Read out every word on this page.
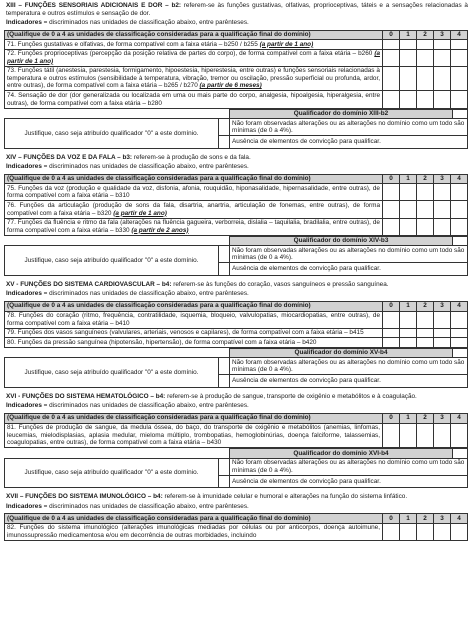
XIII – FUNÇÕES SENSORIAIS ADICIONAIS E DOR – b2: referem-se às funções gustativas, olfativas, proprioceptivas, táteis e a sensações relacionadas à temperatura e outros estímulos e sensação de dor.
Indicadores = discriminados nas unidades de classificação abaixo, entre parênteses.
(Qualifique de 0 a 4 as unidades de classificação consideradas para a qualificação final do domínio)	0	1	2	3	4
71. Funções gustativas e olfativas, de forma compatível com a faixa etária – b250 / b255 (a partir de 1 ano)					
72. Funções proprioceptivas (percepção da posição relativa de partes do corpo), de forma compatível com a faixa etária – b260 (a partir de 1 ano)					
73. Funções tátil (anestesia, parestesia, formigamento, hipoestesia, hiperestesia, entre outras) e funções sensoriais relacionadas à temperatura e outros estímulos (sensibilidade à temperatura, vibração, tremor ou oscilação, pressão superficial ou profunda, ardor, entre outras), de forma compatível com a faixa etária – b265 / b270 (a partir de 6 meses)					
74. Sensação de dor (dor generalizada ou localizada em uma ou mais parte do corpo, analgesia, hipoalgesia, hiperalgesia, entre outras), de forma compatível com a faixa etária – b280					
		Qualificador do domínio XIII-b2	
Justifique, caso seja atribuído qualificador "0" a este domínio.		Não foram observadas alterações ou as alterações no domínio como um todo são mínimas (de 0 a 4%).	
		Ausência de elementos de convicção para qualificar.	
XIV – FUNÇÕES DA VOZ E DA FALA – b3: referem-se à produção de sons e da fala.
Indicadores = discriminados nas unidades de classificação abaixo, entre parênteses.
(Qualifique de 0 a 4 as unidades de classificação consideradas para a qualificação final do domínio)	0	1	2	3	4
75. Funções da voz (produção e qualidade da voz, disfonia, afonia, rouquidão, hiponasalidade, hipernasalidade, entre outras), de forma compatível com a faixa etária – b310					
76. Funções da articulação (produção de sons da fala, disartria, anartria, articulação de fonemas, entre outras), de forma compatível com a faixa etária – b320 (a partir de 1 ano)					
77. Funções da fluência e ritmo da fala (alterações na fluência gagueira, verborreia, dislalia – taquilalia, bradilalia, entre outras), de forma compatível com a faixa etária – b330 (a partir de 2 anos)					
		Qualificador do domínio XIV-b3	
Justifique, caso seja atribuído qualificador "0" a este domínio.		Não foram observadas alterações ou as alterações no domínio como um todo são mínimas (de 0 a 4%).	
		Ausência de elementos de convicção para qualificar.	
XV - FUNÇÕES DO SISTEMA CARDIOVASCULAR – b4: referem-se às funções do coração, vasos sanguíneos e pressão sanguínea.
Indicadores = discriminados nas unidades de classificação abaixo, entre parênteses.
(Qualifique de 0 a 4 as unidades de classificação consideradas para a qualificação final do domínio)	0	1	2	3	4
78. Funções do coração (ritmo, frequência, contratilidade, isquemia, bloqueio, valvulopatias, miocardiopatias, entre outras), de forma compatível com a faixa etária – b410					
79. Funções dos vasos sanguíneos (valvulares, arteriais, venosos e capilares), de forma compatível com a faixa etária – b415					
80. Funções da pressão sanguínea (hipotensão, hipertensão), de forma compatível com a faixa etária – b420					
		Qualificador do domínio XV-b4	
Justifique, caso seja atribuído qualificador "0" a este domínio.		Não foram observadas alterações ou as alterações no domínio como um todo são mínimas (de 0 a 4%).	
		Ausência de elementos de convicção para qualificar.	
XVI - FUNÇÕES DO SISTEMA HEMATOLÓGICO – b4: referem-se à produção de sangue, transporte de oxigênio e metabólitos e à coagulação.
Indicadores = discriminados nas unidades de classificação abaixo, entre parênteses.
(Qualifique de 0 a 4 as unidades de classificação consideradas para a qualificação final do domínio)	0	1	2	3	4
81. Funções de produção de sangue, da medula óssea, do baço, do transporte de oxigênio e metabólitos (anemias, linfomas, leucemias, mielodisplasias, aplasia medular, mieloma múltiplo, trombopatias, hemoglobinúrias, doença falciforme, talassemias, coagulopatias, entre outras), de forma compatível com a faixa etária – b430					
		Qualificador do domínio XVI-b4	
Justifique, caso seja atribuído qualificador "0" a este domínio.		Não foram observadas alterações ou as alterações no domínio como um todo são mínimas (de 0 a 4%).	
		Ausência de elementos de convicção para qualificar.	
XVII – FUNÇÕES DO SISTEMA IMUNOLÓGICO – b4: referem-se à imunidade celular e humoral e alterações na função do sistema linfático.
Indicadores = discriminados nas unidades de classificação abaixo, entre parênteses.
(Qualifique de 0 a 4 as unidades de classificação consideradas para a qualificação final do domínio)	0	1	2	3	4
82. Funções do sistema imunológico (alterações imunológicas mediadas por células ou por anticorpos, doença autoimune, imunossupressão medicamentosa e/ou em decorrência de outras morbidades, incluindo					
